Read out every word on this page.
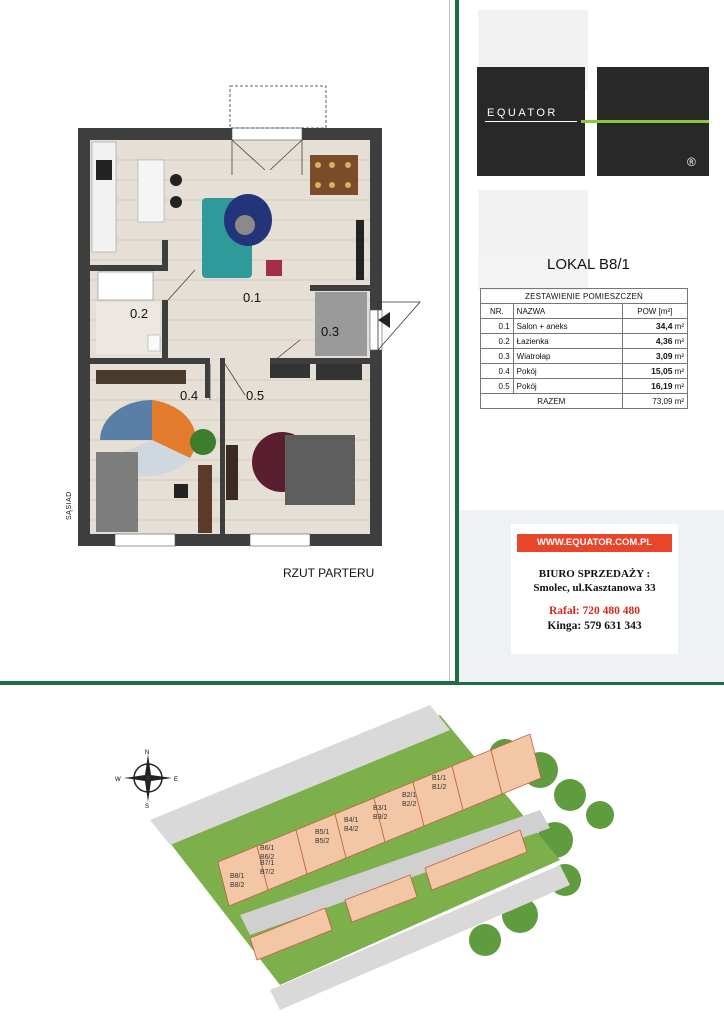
0.1
0.2
0.3
0.4	0.5
SĄSIAD
RZUT PARTERU
EQUATOR
®
LOKAL B8/1
ZESTAWIENIE POMIESZCZEŃ		
NR.	NAZWA	POW [m²]
0.1	Salon + aneks	34,4 m²
0.2	Łazienka	4,36 m²
0.3	Wiatrołap	3,09 m²
0.4	Pokój	15,05 m²
0.5	Pokój	16,19 m²
RAZEM		73,09 m²
WWW.EQUATOR.COM.PL
BIURO SPRZEDAŻY :
Smolec, ul.Kasztanowa 33
Rafał: 720 480 480
Kinga: 579 631 343
N
S
E
W	B1/1
B1/2
B2/1
B2/2
B3/1
B3/2
B4/1
B4/2
B5/1
B5/2
B6/1
B6/2
B7/1
B7/2
B8/1
B8/2
